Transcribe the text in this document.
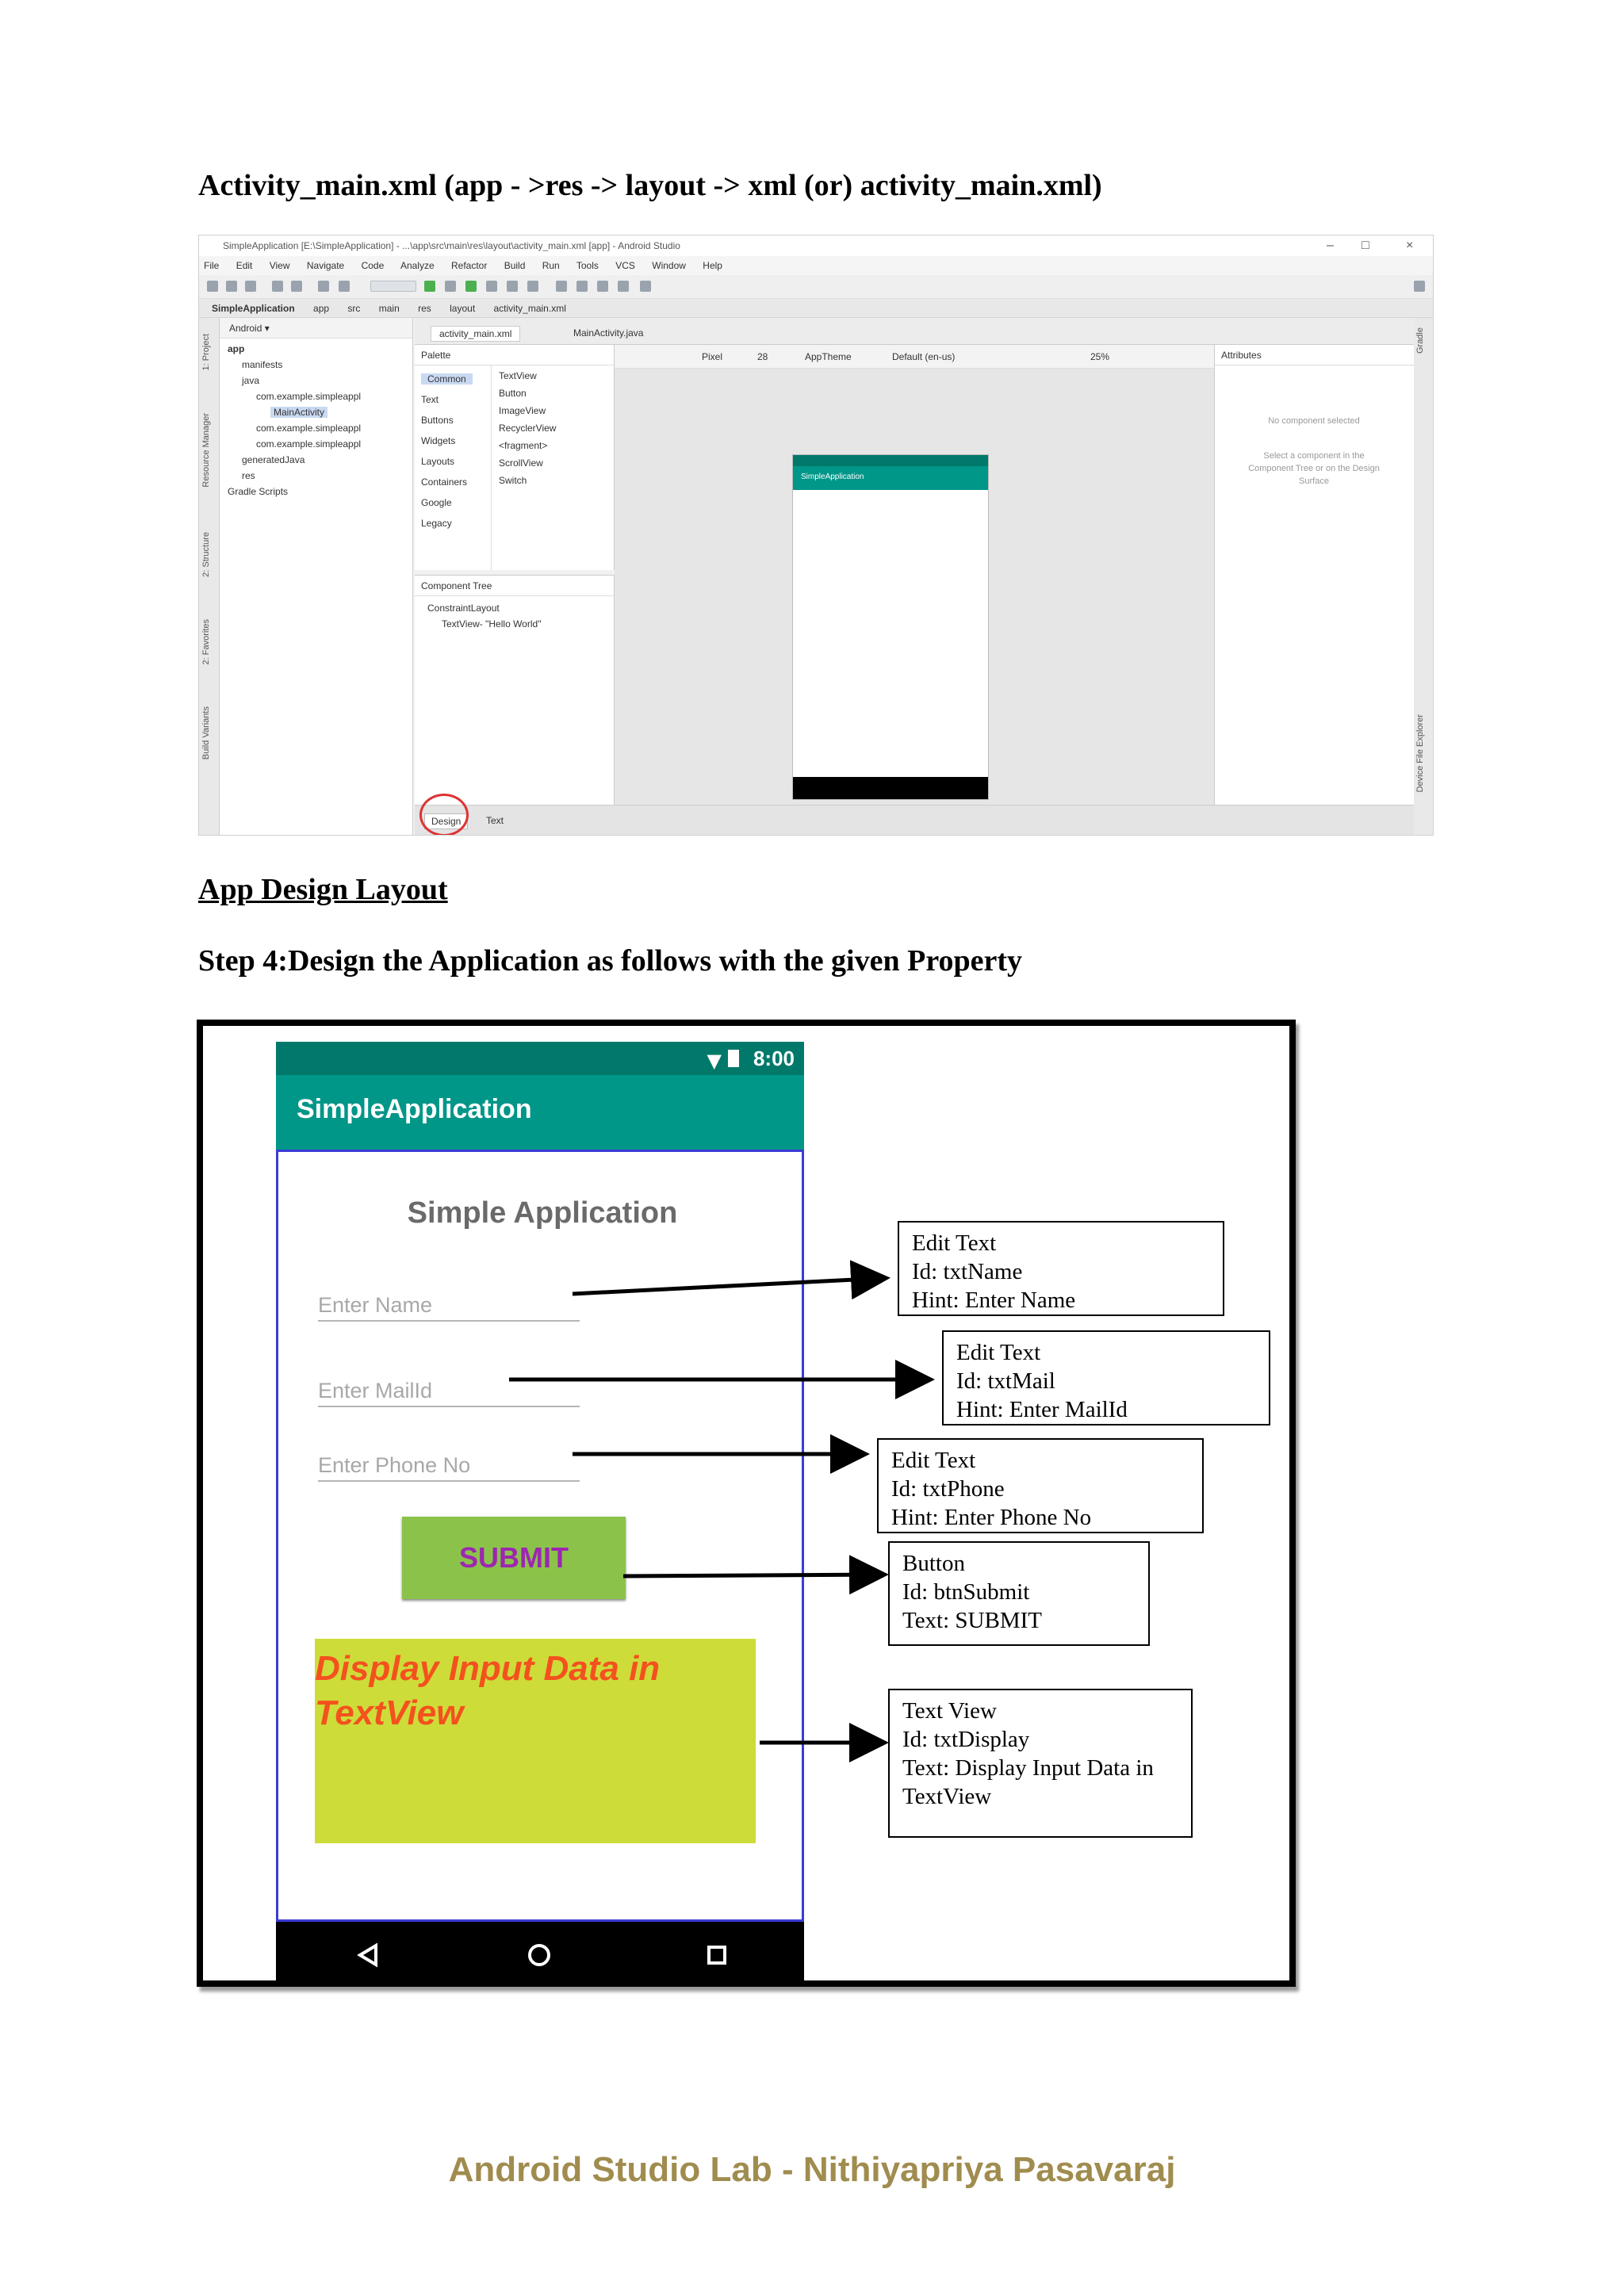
Activity_main.xml (app - >res -> layout -> xml (or) activity_main.xml)
SimpleApplication [E:\SimpleApplication] - ...\app\src\main\res\layout\activity_main.xml [app] - Android Studio	– □	×
File Edit View Navigate Code Analyze Refactor Build Run Tools VCS Window Help
SimpleApplication app src main res layout activity_main.xml
1: Project
Resource Manager
2: Structure
2: Favorites
Build Variants
Gradle
Device File Explorer
Android ▾
app
manifests
java
com.example.simpleappl
MainActivity
com.example.simpleappl
com.example.simpleappl
generatedJava
res
Gradle Scripts
activity_main.xml	MainActivity.java
Palette
Common
Text
Buttons
Widgets
Layouts
Containers
Google
Legacy
TextView
Button
ImageView
RecyclerView
<fragment>
ScrollView
Switch
Component Tree
ConstraintLayout
TextView- "Hello World"
Pixel	28	AppTheme	Default (en-us)	25%
SimpleApplication
Attributes
No component selected
Select a component in the Component Tree or on the Design Surface
Design	Text
App Design Layout
Step 4:Design the Application as follows with the given Property
▼ 8:00
SimpleApplication
Simple Application
Enter Name
Enter MailId
Enter Phone No
SUBMIT
Display Input Data in TextView
Edit Text
Id: txtName
Hint: Enter Name
Edit Text
Id: txtMail
Hint: Enter MailId
Edit Text
Id: txtPhone
Hint: Enter Phone No
Button
Id: btnSubmit
Text: SUBMIT
Text View
Id: txtDisplay
Text: Display Input Data in
TextView
Android Studio Lab - Nithiyapriya Pasavaraj
